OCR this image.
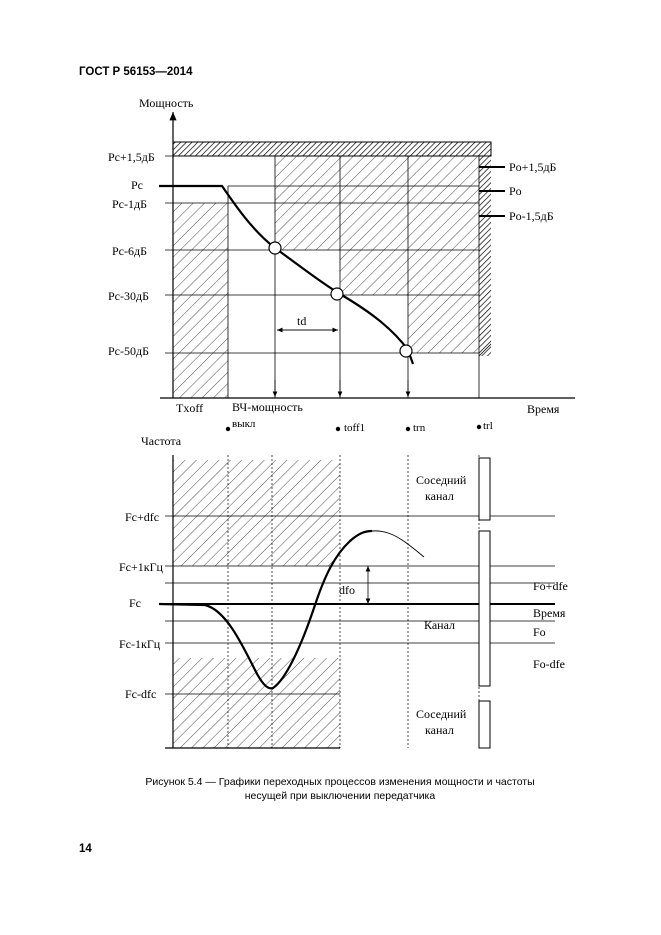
ГОСТ Р 56153—2014
Мощность
Pc+1,5дБ
Pc
Pc-1дБ
Pc-6дБ
Pc-30дБ
Pc-50дБ
Po+1,5дБ
Po
Po-1,5дБ
td
Время
Txoff ВЧ-мощность
выкл	toff1	trn	trl
Частота
Fc+dfc
Fc+1кГц
Fc
Fc-1кГц
Fc-dfc
Fo+dfe
Время
Fo
Fo-dfe
dfo
Соседний
канал
Канал
Соседний
канал
Рисунок 5.4 — Графики переходных процессов изменения мощности и частоты
несущей при выключении передатчика
14
